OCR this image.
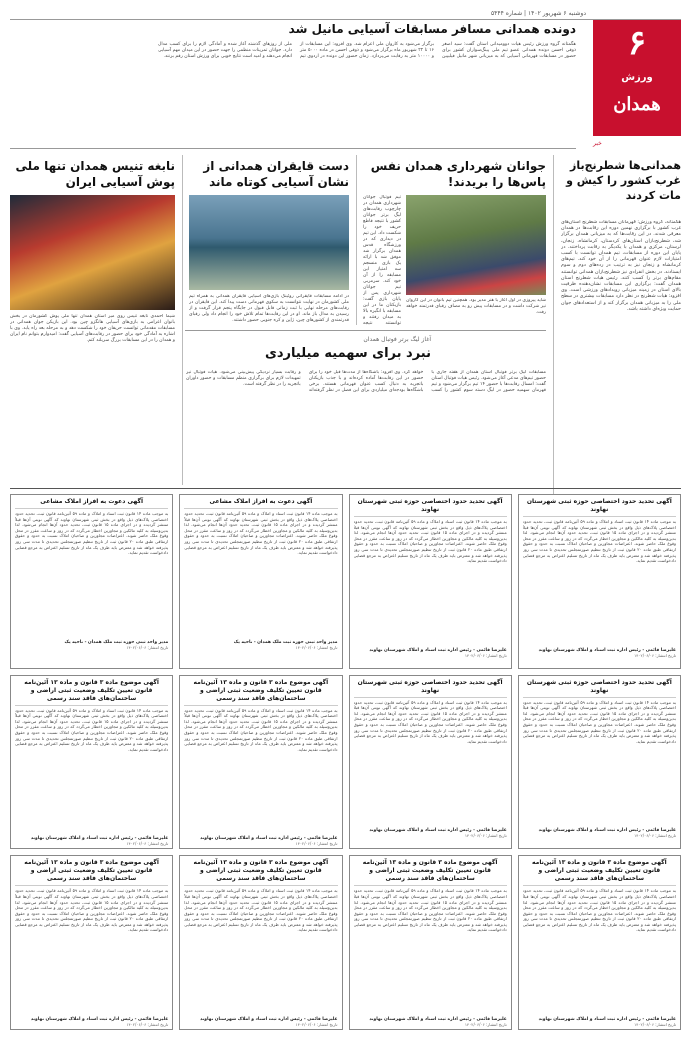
دوشنبه ۶ شهریور ۱۴۰۲ | شماره ۵۴۴۴
۶
ورزش
همدان
خبر
دونده همدانی مسافر مسابقات آسیایی مانیل شد
هگمتانه گروه ورزش رئیس هیات دوومیدانی استان گفت: سید اصغر ذوقی احسن دونده همدانی عضو تیم ملی پینگ‌سواران کشور برای حضور در مسابقات قهرمانی آسیایی که به میزبانی شهر مانیل فیلیپین برگزار می‌شود به کاروان ملی اعزام شد. وی افزود: این مسابقات از ۱۶ تا ۲۲ شهریور ماه برگزار می‌شود و ذوقی احسن در ماده ۵۰۰۰ متر و ۱۰۰۰۰ متر به رقابت می‌پردازد. زمان حضور این دونده در اردوی تیم ملی از روزهای گذشته آغاز شده و آمادگی لازم را برای کسب مدال دارد. جوانان تمرینات منظمی را جهت حضور در این میدان مهم آسیایی انجام می‌دهند و امید است نتایج خوبی برای ورزش استان رقم بزنند.
همدانی‌ها شطرنج‌باز غرب کشور را کیش و مات کردند
هگمتانه، گروه ورزش: قهرمانان مسابقات شطرنج استان‌های غرب کشور با برگزاری نهمین دوره این رقابت‌ها در همدان معرفی شدند. در این رقابت‌ها که به میزبانی همدان برگزار شد، شطرنج‌بازان استان‌های کردستان، کرمانشاه، زنجان، لرستان، مرکزی و همدان با یکدیگر به رقابت پرداختند. در پایان این دوره از مسابقات، تیم همدان توانست با کسب امتیازات لازم عنوان قهرمانی را از آن خود کند. تیم‌های کرمانشاه و زنجان نیز به ترتیب در رده‌های دوم و سوم ایستادند. در بخش انفرادی نیز شطرنج‌بازان همدانی توانستند مقام‌های برتر را کسب کنند. رئیس هیات شطرنج استان همدان گفت: برگزاری این مسابقات نشان‌دهنده ظرفیت بالای استان در زمینه میزبانی رویدادهای ورزشی است. وی افزود: هیات شطرنج در نظر دارد مسابقات بیشتری در سطح ملی را به میزبانی همدان برگزار کند و از استعدادهای جوان حمایت ویژه‌ای داشته باشد.
جوانان شهرداری همدان نفس پاس‌ها را بریدند!
تیم فوتبال جوانان شهرداری همدان در چارچوب رقابت‌های لیگ برتر جوانان کشور با نتیجه قاطع حریف خود را شکست داد. این تیم در دیداری که در ورزشگاه قدس همدان برگزار شد موفق شد با ارائه یک بازی منسجم سه امتیاز این مسابقه را از آن خود کند. سرمربی تیم جوانان شهرداری پس از پایان بازی گفت: بازیکنان ما در این مسابقه با انگیزه بالا به میدان رفتند و توانستند نتیجه
شاید پیروزی در اول آغاز با هنر مدیر بود. همچنین تیم بانوان در این کاروان نیز شرکت داشت و در مسابقات پیش رو به مصاف رقبای قدرتمند خواهد رفت.
دست قایقران همدانی از نشان آسیایی کوتاه ماند
در ادامه مسابقات قایقرانی روئینگ بازی‌های آسیایی قایقران همدانی به همراه تیم ملی کشورمان در نهایت نتوانست به سکوی قهرمانی دست پیدا کند. این قایقران در رقابت‌های مرحله نهایی با ثبت زمانی قابل قبول در جایگاه پنجم قرار گرفت و از رسیدن به مدال باز ماند. او در این رقابت‌ها تمام تلاش خود را انجام داد ولی رقبای قدرتمندی از کشورهای چین، ژاپن و کره جنوبی حضور داشتند.
نابغه تنیس همدان تنها ملی پوش آسیایی ایران
شیما احمدی نابغه تنیس روی میز استان همدان تنها ملی پوش کشورمان در بخش بانوان اعزامی به بازی‌های آسیایی هانگژو چین بود. این بازیکن جوان همدانی در مسابقات مقدماتی توانست حریفان خود را شکست دهد و به مرحله بعد راه یابد. وی با اشاره به آمادگی خود برای حضور در رقابت‌های آسیایی گفت: امیدوارم بتوانم نام ایران و همدان را در این مسابقات بزرگ سربلند کنم.	آغاز لیگ برتر فوتبال همدان
نبرد برای سهمیه میلیاردی
مسابقات لیگ برتر فوتبال استان همدان از هفته جاری با حضور تیم‌های مدعی آغاز می‌شود. رئیس هیات فوتبال استان گفت: امسال رقابت‌ها با حضور ۱۴ تیم برگزار می‌شود و تیم قهرمان سهمیه حضور در لیگ دسته سوم کشور را کسب خواهد کرد. وی افزود: باشگاه‌ها از مدت‌ها قبل خود را برای حضور در این رقابت‌ها آماده کرده‌اند و با جذب بازیکنان باتجربه به دنبال کسب عنوان قهرمانی هستند. برخی باشگاه‌ها بودجه‌ای میلیاردی برای این فصل در نظر گرفته‌اند و رقابت بسیار نزدیکی پیش‌بینی می‌شود. هیات فوتبال نیز تمهیدات لازم برای برگزاری منظم مسابقات و حضور داوران باتجربه را در نظر گرفته است.
آگهی تحدید حدود اختصاصی حوزه ثبتی شهرستان نهاوند
به موجب ماده ۱۴ قانون ثبت اسناد و املاک و ماده ۵۹ آئین‌نامه قانون ثبت، تحدید حدود اختصاصی پلاک‌های ذیل واقع در بخش ثبتی شهرستان نهاوند که آگهی نوبتی آن‌ها قبلاً منتشر گردیده و در اجرای ماده ۱۵ قانون ثبت، تحدید حدود آن‌ها انجام می‌شود. لذا بدین‌وسیله به کلیه مالکین و مجاورین اخطار می‌گردد که در روز و ساعت مقرر در محل وقوع ملک حاضر شوند. اعتراضات مجاورین و صاحبان املاک نسبت به حدود و حقوق ارتفاقی طبق ماده ۲۰ قانون ثبت از تاریخ تنظیم صورتمجلس تحدیدی تا مدت سی روز پذیرفته خواهد شد و معترض باید ظرف یک ماه از تاریخ تسلیم اعتراض به مرجع قضایی دادخواست تقدیم نماید.
علیرضا قائمی - رئیس اداره ثبت اسناد و املاک شهرستان نهاوند
تاریخ انتشار: ۱۴۰۲/۰۶/۰۶
آگهی تحدید حدود اختصاصی حوزه ثبتی شهرستان نهاوند
به موجب ماده ۱۴ قانون ثبت اسناد و املاک و ماده ۵۹ آئین‌نامه قانون ثبت، تحدید حدود اختصاصی پلاک‌های ذیل واقع در بخش ثبتی شهرستان نهاوند که آگهی نوبتی آن‌ها قبلاً منتشر گردیده و در اجرای ماده ۱۵ قانون ثبت، تحدید حدود آن‌ها انجام می‌شود. لذا بدین‌وسیله به کلیه مالکین و مجاورین اخطار می‌گردد که در روز و ساعت مقرر در محل وقوع ملک حاضر شوند. اعتراضات مجاورین و صاحبان املاک نسبت به حدود و حقوق ارتفاقی طبق ماده ۲۰ قانون ثبت از تاریخ تنظیم صورتمجلس تحدیدی تا مدت سی روز پذیرفته خواهد شد و معترض باید ظرف یک ماه از تاریخ تسلیم اعتراض به مرجع قضایی دادخواست تقدیم نماید.
علیرضا قائمی - رئیس اداره ثبت اسناد و املاک شهرستان نهاوند
تاریخ انتشار: ۱۴۰۲/۰۶/۰۶
آگهی دعوت به افراز املاک مشاعی
به موجب ماده ۱۴ قانون ثبت اسناد و املاک و ماده ۵۹ آئین‌نامه قانون ثبت، تحدید حدود اختصاصی پلاک‌های ذیل واقع در بخش ثبتی شهرستان نهاوند که آگهی نوبتی آن‌ها قبلاً منتشر گردیده و در اجرای ماده ۱۵ قانون ثبت، تحدید حدود آن‌ها انجام می‌شود. لذا بدین‌وسیله به کلیه مالکین و مجاورین اخطار می‌گردد که در روز و ساعت مقرر در محل وقوع ملک حاضر شوند. اعتراضات مجاورین و صاحبان املاک نسبت به حدود و حقوق ارتفاقی طبق ماده ۲۰ قانون ثبت از تاریخ تنظیم صورتمجلس تحدیدی تا مدت سی روز پذیرفته خواهد شد و معترض باید ظرف یک ماه از تاریخ تسلیم اعتراض به مرجع قضایی دادخواست تقدیم نماید.
مدیر واحد ثبتی حوزه ثبت ملک همدان - ناحیه یک
تاریخ انتشار: ۱۴۰۲/۰۶/۰۶
آگهی دعوت به افراز املاک مشاعی
به موجب ماده ۱۴ قانون ثبت اسناد و املاک و ماده ۵۹ آئین‌نامه قانون ثبت، تحدید حدود اختصاصی پلاک‌های ذیل واقع در بخش ثبتی شهرستان نهاوند که آگهی نوبتی آن‌ها قبلاً منتشر گردیده و در اجرای ماده ۱۵ قانون ثبت، تحدید حدود آن‌ها انجام می‌شود. لذا بدین‌وسیله به کلیه مالکین و مجاورین اخطار می‌گردد که در روز و ساعت مقرر در محل وقوع ملک حاضر شوند. اعتراضات مجاورین و صاحبان املاک نسبت به حدود و حقوق ارتفاقی طبق ماده ۲۰ قانون ثبت از تاریخ تنظیم صورتمجلس تحدیدی تا مدت سی روز پذیرفته خواهد شد و معترض باید ظرف یک ماه از تاریخ تسلیم اعتراض به مرجع قضایی دادخواست تقدیم نماید.
مدیر واحد ثبتی حوزه ثبت ملک همدان - ناحیه یک
تاریخ انتشار: ۱۴۰۲/۰۶/۰۶
آگهی تحدید حدود اختصاصی حوزه ثبتی شهرستان نهاوند
به موجب ماده ۱۴ قانون ثبت اسناد و املاک و ماده ۵۹ آئین‌نامه قانون ثبت، تحدید حدود اختصاصی پلاک‌های ذیل واقع در بخش ثبتی شهرستان نهاوند که آگهی نوبتی آن‌ها قبلاً منتشر گردیده و در اجرای ماده ۱۵ قانون ثبت، تحدید حدود آن‌ها انجام می‌شود. لذا بدین‌وسیله به کلیه مالکین و مجاورین اخطار می‌گردد که در روز و ساعت مقرر در محل وقوع ملک حاضر شوند. اعتراضات مجاورین و صاحبان املاک نسبت به حدود و حقوق ارتفاقی طبق ماده ۲۰ قانون ثبت از تاریخ تنظیم صورتمجلس تحدیدی تا مدت سی روز پذیرفته خواهد شد و معترض باید ظرف یک ماه از تاریخ تسلیم اعتراض به مرجع قضایی دادخواست تقدیم نماید.
علیرضا قائمی - رئیس اداره ثبت اسناد و املاک شهرستان نهاوند
تاریخ انتشار: ۱۴۰۲/۰۶/۰۶
آگهی تحدید حدود اختصاصی حوزه ثبتی شهرستان نهاوند
به موجب ماده ۱۴ قانون ثبت اسناد و املاک و ماده ۵۹ آئین‌نامه قانون ثبت، تحدید حدود اختصاصی پلاک‌های ذیل واقع در بخش ثبتی شهرستان نهاوند که آگهی نوبتی آن‌ها قبلاً منتشر گردیده و در اجرای ماده ۱۵ قانون ثبت، تحدید حدود آن‌ها انجام می‌شود. لذا بدین‌وسیله به کلیه مالکین و مجاورین اخطار می‌گردد که در روز و ساعت مقرر در محل وقوع ملک حاضر شوند. اعتراضات مجاورین و صاحبان املاک نسبت به حدود و حقوق ارتفاقی طبق ماده ۲۰ قانون ثبت از تاریخ تنظیم صورتمجلس تحدیدی تا مدت سی روز پذیرفته خواهد شد و معترض باید ظرف یک ماه از تاریخ تسلیم اعتراض به مرجع قضایی دادخواست تقدیم نماید.
علیرضا قائمی - رئیس اداره ثبت اسناد و املاک شهرستان نهاوند
تاریخ انتشار: ۱۴۰۲/۰۶/۰۶
آگهی موضوع ماده ۳ قانون و ماده ۱۳ آئین‌نامه قانون تعیین تکلیف وضعیت ثبتی اراضی و ساختمان‌های فاقد سند رسمی
به موجب ماده ۱۴ قانون ثبت اسناد و املاک و ماده ۵۹ آئین‌نامه قانون ثبت، تحدید حدود اختصاصی پلاک‌های ذیل واقع در بخش ثبتی شهرستان نهاوند که آگهی نوبتی آن‌ها قبلاً منتشر گردیده و در اجرای ماده ۱۵ قانون ثبت، تحدید حدود آن‌ها انجام می‌شود. لذا بدین‌وسیله به کلیه مالکین و مجاورین اخطار می‌گردد که در روز و ساعت مقرر در محل وقوع ملک حاضر شوند. اعتراضات مجاورین و صاحبان املاک نسبت به حدود و حقوق ارتفاقی طبق ماده ۲۰ قانون ثبت از تاریخ تنظیم صورتمجلس تحدیدی تا مدت سی روز پذیرفته خواهد شد و معترض باید ظرف یک ماه از تاریخ تسلیم اعتراض به مرجع قضایی دادخواست تقدیم نماید.
علیرضا قائمی - رئیس اداره ثبت اسناد و املاک شهرستان نهاوند
تاریخ انتشار: ۱۴۰۲/۰۶/۰۶
آگهی موضوع ماده ۳ قانون و ماده ۱۳ آئین‌نامه قانون تعیین تکلیف وضعیت ثبتی اراضی و ساختمان‌های فاقد سند رسمی
به موجب ماده ۱۴ قانون ثبت اسناد و املاک و ماده ۵۹ آئین‌نامه قانون ثبت، تحدید حدود اختصاصی پلاک‌های ذیل واقع در بخش ثبتی شهرستان نهاوند که آگهی نوبتی آن‌ها قبلاً منتشر گردیده و در اجرای ماده ۱۵ قانون ثبت، تحدید حدود آن‌ها انجام می‌شود. لذا بدین‌وسیله به کلیه مالکین و مجاورین اخطار می‌گردد که در روز و ساعت مقرر در محل وقوع ملک حاضر شوند. اعتراضات مجاورین و صاحبان املاک نسبت به حدود و حقوق ارتفاقی طبق ماده ۲۰ قانون ثبت از تاریخ تنظیم صورتمجلس تحدیدی تا مدت سی روز پذیرفته خواهد شد و معترض باید ظرف یک ماه از تاریخ تسلیم اعتراض به مرجع قضایی دادخواست تقدیم نماید.
علیرضا قائمی - رئیس اداره ثبت اسناد و املاک شهرستان نهاوند
تاریخ انتشار: ۱۴۰۲/۰۶/۰۶
آگهی موضوع ماده ۳ قانون و ماده ۱۳ آئین‌نامه قانون تعیین تکلیف وضعیت ثبتی اراضی و ساختمان‌های فاقد سند رسمی
به موجب ماده ۱۴ قانون ثبت اسناد و املاک و ماده ۵۹ آئین‌نامه قانون ثبت، تحدید حدود اختصاصی پلاک‌های ذیل واقع در بخش ثبتی شهرستان نهاوند که آگهی نوبتی آن‌ها قبلاً منتشر گردیده و در اجرای ماده ۱۵ قانون ثبت، تحدید حدود آن‌ها انجام می‌شود. لذا بدین‌وسیله به کلیه مالکین و مجاورین اخطار می‌گردد که در روز و ساعت مقرر در محل وقوع ملک حاضر شوند. اعتراضات مجاورین و صاحبان املاک نسبت به حدود و حقوق ارتفاقی طبق ماده ۲۰ قانون ثبت از تاریخ تنظیم صورتمجلس تحدیدی تا مدت سی روز پذیرفته خواهد شد و معترض باید ظرف یک ماه از تاریخ تسلیم اعتراض به مرجع قضایی دادخواست تقدیم نماید.
علیرضا قائمی - رئیس اداره ثبت اسناد و املاک شهرستان نهاوند
تاریخ انتشار: ۱۴۰۲/۰۶/۰۶
آگهی موضوع ماده ۳ قانون و ماده ۱۳ آئین‌نامه قانون تعیین تکلیف وضعیت ثبتی اراضی و ساختمان‌های فاقد سند رسمی
به موجب ماده ۱۴ قانون ثبت اسناد و املاک و ماده ۵۹ آئین‌نامه قانون ثبت، تحدید حدود اختصاصی پلاک‌های ذیل واقع در بخش ثبتی شهرستان نهاوند که آگهی نوبتی آن‌ها قبلاً منتشر گردیده و در اجرای ماده ۱۵ قانون ثبت، تحدید حدود آن‌ها انجام می‌شود. لذا بدین‌وسیله به کلیه مالکین و مجاورین اخطار می‌گردد که در روز و ساعت مقرر در محل وقوع ملک حاضر شوند. اعتراضات مجاورین و صاحبان املاک نسبت به حدود و حقوق ارتفاقی طبق ماده ۲۰ قانون ثبت از تاریخ تنظیم صورتمجلس تحدیدی تا مدت سی روز پذیرفته خواهد شد و معترض باید ظرف یک ماه از تاریخ تسلیم اعتراض به مرجع قضایی دادخواست تقدیم نماید.
علیرضا قائمی - رئیس اداره ثبت اسناد و املاک شهرستان نهاوند
تاریخ انتشار: ۱۴۰۲/۰۶/۰۶
آگهی موضوع ماده ۳ قانون و ماده ۱۳ آئین‌نامه قانون تعیین تکلیف وضعیت ثبتی اراضی و ساختمان‌های فاقد سند رسمی
به موجب ماده ۱۴ قانون ثبت اسناد و املاک و ماده ۵۹ آئین‌نامه قانون ثبت، تحدید حدود اختصاصی پلاک‌های ذیل واقع در بخش ثبتی شهرستان نهاوند که آگهی نوبتی آن‌ها قبلاً منتشر گردیده و در اجرای ماده ۱۵ قانون ثبت، تحدید حدود آن‌ها انجام می‌شود. لذا بدین‌وسیله به کلیه مالکین و مجاورین اخطار می‌گردد که در روز و ساعت مقرر در محل وقوع ملک حاضر شوند. اعتراضات مجاورین و صاحبان املاک نسبت به حدود و حقوق ارتفاقی طبق ماده ۲۰ قانون ثبت از تاریخ تنظیم صورتمجلس تحدیدی تا مدت سی روز پذیرفته خواهد شد و معترض باید ظرف یک ماه از تاریخ تسلیم اعتراض به مرجع قضایی دادخواست تقدیم نماید.
علیرضا قائمی - رئیس اداره ثبت اسناد و املاک شهرستان نهاوند
تاریخ انتشار: ۱۴۰۲/۰۶/۰۶
آگهی موضوع ماده ۳ قانون و ماده ۱۳ آئین‌نامه قانون تعیین تکلیف وضعیت ثبتی اراضی و ساختمان‌های فاقد سند رسمی
به موجب ماده ۱۴ قانون ثبت اسناد و املاک و ماده ۵۹ آئین‌نامه قانون ثبت، تحدید حدود اختصاصی پلاک‌های ذیل واقع در بخش ثبتی شهرستان نهاوند که آگهی نوبتی آن‌ها قبلاً منتشر گردیده و در اجرای ماده ۱۵ قانون ثبت، تحدید حدود آن‌ها انجام می‌شود. لذا بدین‌وسیله به کلیه مالکین و مجاورین اخطار می‌گردد که در روز و ساعت مقرر در محل وقوع ملک حاضر شوند. اعتراضات مجاورین و صاحبان املاک نسبت به حدود و حقوق ارتفاقی طبق ماده ۲۰ قانون ثبت از تاریخ تنظیم صورتمجلس تحدیدی تا مدت سی روز پذیرفته خواهد شد و معترض باید ظرف یک ماه از تاریخ تسلیم اعتراض به مرجع قضایی دادخواست تقدیم نماید.
علیرضا قائمی - رئیس اداره ثبت اسناد و املاک شهرستان نهاوند
تاریخ انتشار: ۱۴۰۲/۰۶/۰۶
